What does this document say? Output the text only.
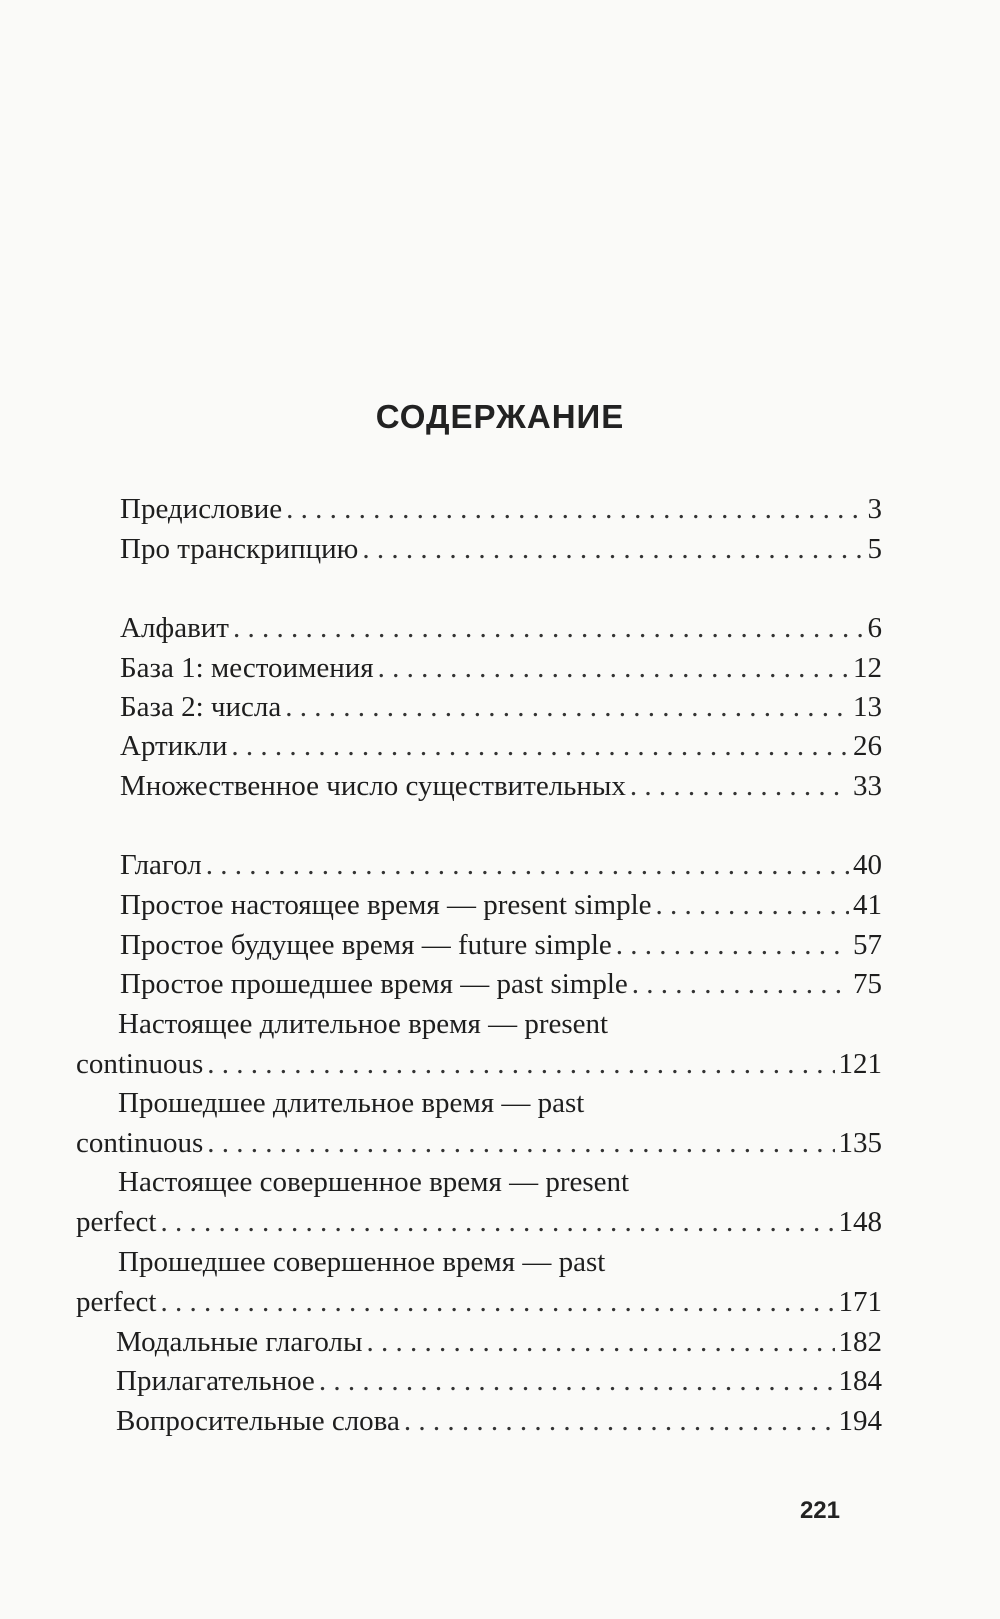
СОДЕРЖАНИЕ
Предисловие . . .	3
Про транскрипцию . . .	5
Алфавит . . .	6
База 1: местоимения . . .	12
База 2: числа . . .	13
Артикли . . .	26
Множественное число существительных . . .	33
Глагол . . .	40
Простое настоящее время — present simple . . .	41
Простое будущее время — future simple . . .	57
Простое прошедшее время — past simple . . .	75
Настоящее длительное время — present
continuous . . .	121
Прошедшее длительное время — past
continuous . . .	135
Настоящее совершенное время — present
perfect . . .	148
Прошедшее совершенное время — past
perfect . . .	171
Модальные глаголы . . .	182
Прилагательное . . .	184
Вопросительные слова . . .	194
221
